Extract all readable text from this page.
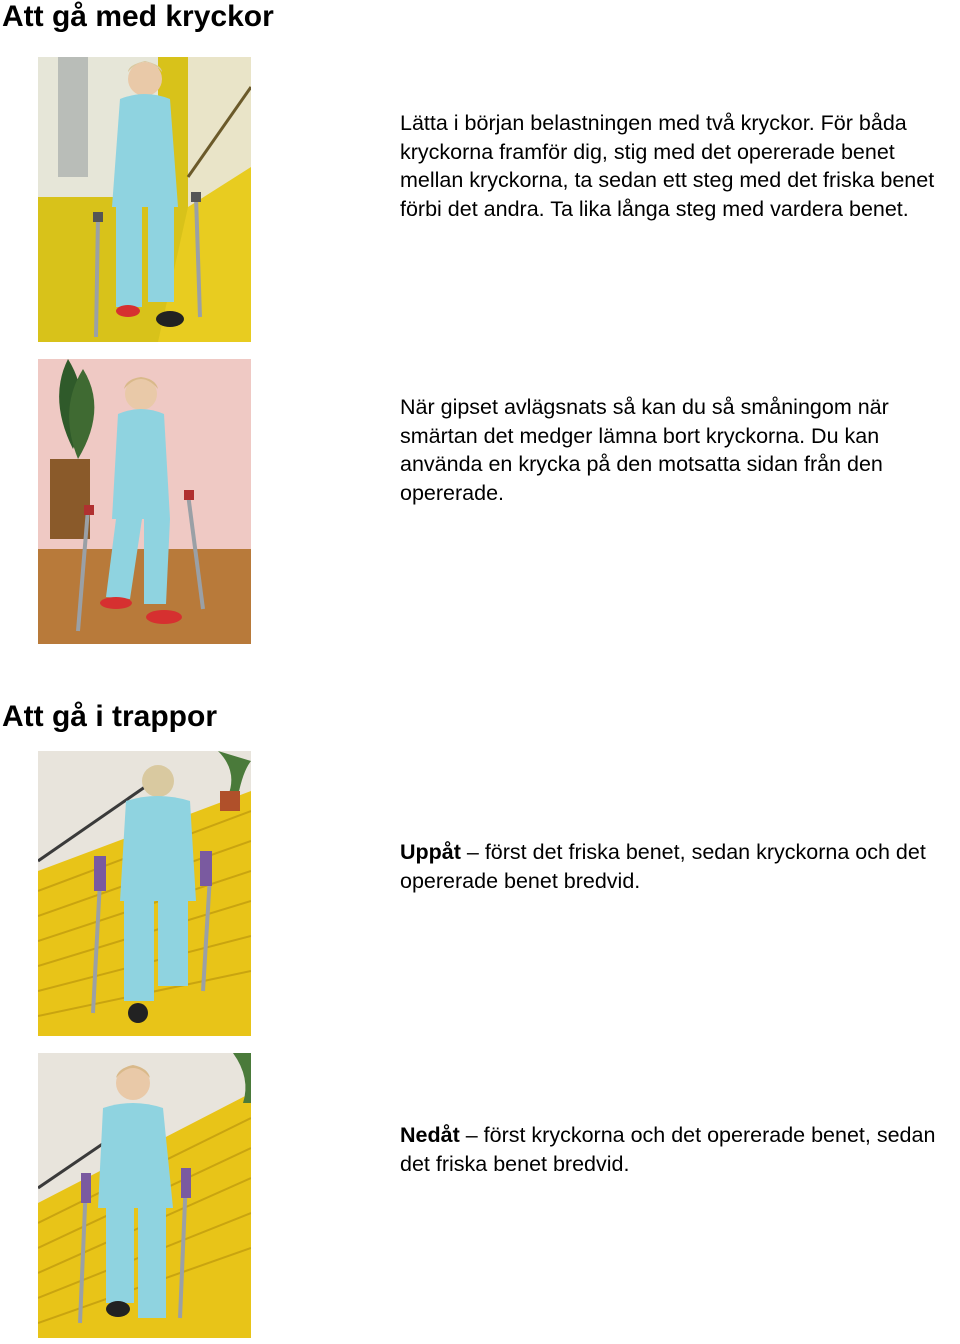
Att gå med kryckor

Lätta i början belastningen med två kryckor. För båda kryckorna framför dig, stig med det opererade benet mellan kryckorna, ta sedan ett steg med det friska benet förbi det andra. Ta lika långa steg med vardera benet.

När gipset avlägsnats så kan du så småningom när smärtan det medger lämna bort kryckorna. Du kan använda en krycka på den motsatta sidan från den opererade.

Att gå i trappor

Uppåt – först det friska benet, sedan kryckorna och det opererade benet bredvid.

Nedåt – först kryckorna och det opererade benet, sedan det friska benet bredvid.
